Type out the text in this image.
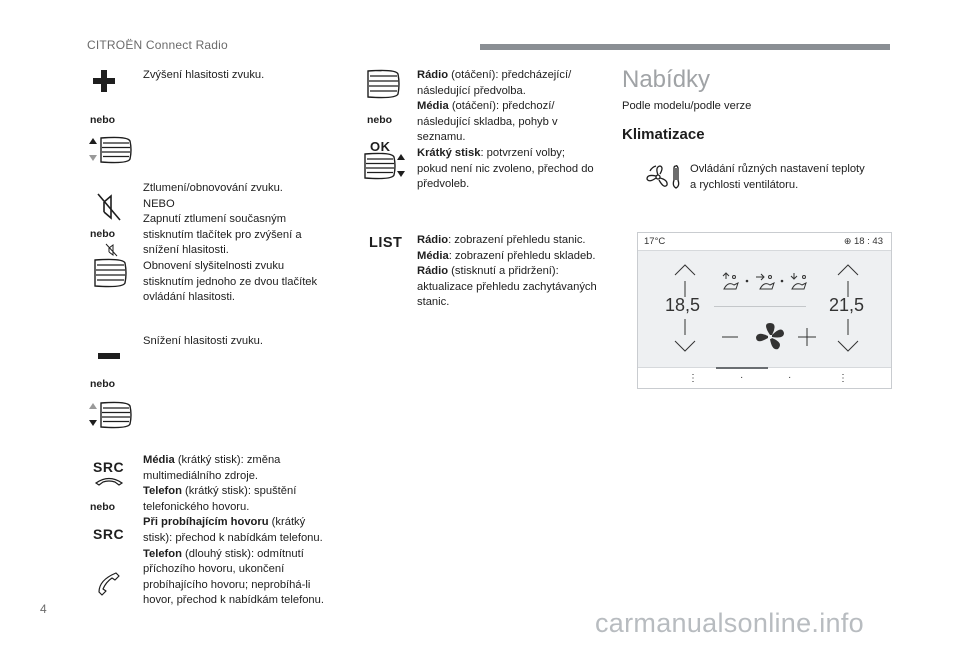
CITROËN Connect Radio
Zvýšení hlasitosti zvuku.
nebo
Ztlumení/obnovování zvuku.
NEBO
Zapnutí ztlumení současným
stisknutím tlačítek pro zvýšení a
snížení hlasitosti.
Obnovení slyšitelnosti zvuku
stisknutím jednoho ze dvou tlačítek
ovládání hlasitosti.
nebo
Snížení hlasitosti zvuku.
nebo
SRC
nebo
SRC
Média (krátký stisk): změna
multimediálního zdroje.
Telefon (krátký stisk): spuštění
telefonického hovoru.
Při probíhajícím hovoru (krátký
stisk): přechod k nabídkám telefonu.
Telefon (dlouhý stisk): odmítnutí
příchozího hovoru, ukončení
probíhajícího hovoru; neprobíhá-li
hovor, přechod k nabídkám telefonu.
nebo
OK
Rádio (otáčení): předcházející/
následující předvolba.
Média (otáčení): předchozí/
následující skladba, pohyb v
seznamu.
Krátký stisk: potvrzení volby;
pokud není nic zvoleno, přechod do
předvoleb.
LIST Rádio: zobrazení přehledu stanic.
Média: zobrazení přehledu skladeb.
Rádio (stisknutí a přidržení):
aktualizace přehledu zachytávaných
stanic.
Nabídky
Podle modelu/podle verze
Klimatizace
Ovládání různých nastavení teploty
a rychlosti ventilátoru.
17°C	⊕ 18 : 43
18,5	21,5
⋮	·	·	⋮
4	carmanualsonline.info
